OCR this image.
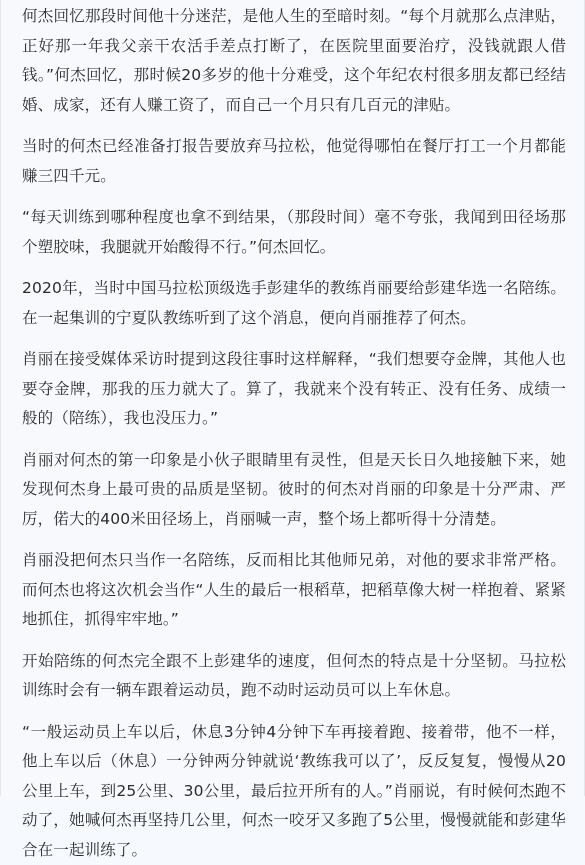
何杰回忆那段时间他十分迷茫，是他人生的至暗时刻。“每个月就那么点津贴，正好那一年我父亲干农活手差点打断了，在医院里面要治疗，没钱就跟人借钱。”何杰回忆，那时候20多岁的他十分难受，这个年纪农村很多朋友都已经结婚、成家，还有人赚工资了，而自己一个月只有几百元的津贴。

当时的何杰已经准备打报告要放弃马拉松，他觉得哪怕在餐厅打工一个月都能赚三四千元。

“每天训练到哪种程度也拿不到结果，（那段时间）毫不夸张，我闻到田径场那个塑胶味，我腿就开始酸得不行。”何杰回忆。

2020年，当时中国马拉松顶级选手彭建华的教练肖丽要给彭建华选一名陪练。在一起集训的宁夏队教练听到了这个消息，便向肖丽推荐了何杰。

肖丽在接受媒体采访时提到这段往事时这样解释，“我们想要夺金牌，其他人也要夺金牌，那我的压力就大了。算了，我就来个没有转正、没有任务、成绩一般的（陪练），我也没压力。”

肖丽对何杰的第一印象是小伙子眼睛里有灵性，但是天长日久地接触下来，她发现何杰身上最可贵的品质是坚韧。彼时的何杰对肖丽的印象是十分严肃、严厉，偌大的400米田径场上，肖丽喊一声，整个场上都听得十分清楚。

肖丽没把何杰只当作一名陪练，反而相比其他师兄弟，对他的要求非常严格。而何杰也将这次机会当作“人生的最后一根稻草，把稻草像大树一样抱着、紧紧地抓住，抓得牢牢地。”

开始陪练的何杰完全跟不上彭建华的速度，但何杰的特点是十分坚韧。马拉松训练时会有一辆车跟着运动员，跑不动时运动员可以上车休息。

“一般运动员上车以后，休息3分钟4分钟下车再接着跑、接着带，他不一样，他上车以后（休息）一分钟两分钟就说‘教练我可以了’，反反复复，慢慢从20公里上车，到25公里、30公里，最后拉开所有的人。”肖丽说，有时候何杰跑不动了，她喊何杰再坚持几公里，何杰一咬牙又多跑了5公里，慢慢就能和彭建华合在一起训练了。
